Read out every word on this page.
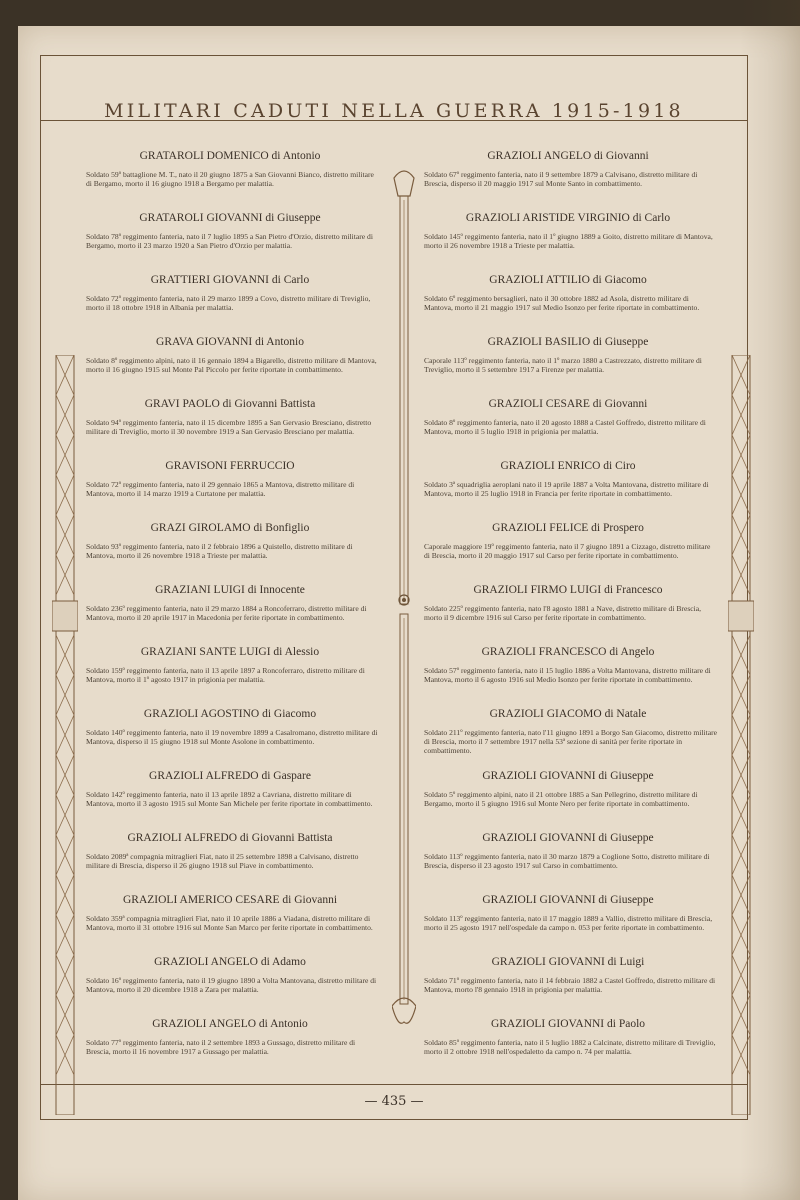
MILITARI CADUTI NELLA GUERRA 1915-1918
— 435 —
GRATAROLI DOMENICO di Antonio
Soldato 59º battaglione M. T., nato il 20 giugno 1875 a San Giovanni Bianco, distretto militare di Bergamo, morto il 16 giugno 1918 a Bergamo per malattia.
GRATAROLI GIOVANNI di Giuseppe
Soldato 78º reggimento fanteria, nato il 7 luglio 1895 a San Pietro d'Orzio, distretto militare di Bergamo, morto il 23 marzo 1920 a San Pietro d'Orzio per malattia.
GRATTIERI GIOVANNI di Carlo
Soldato 72º reggimento fanteria, nato il 29 marzo 1899 a Covo, distretto militare di Treviglio, morto il 18 ottobre 1918 in Albania per malattia.
GRAVA GIOVANNI di Antonio
Soldato 8º reggimento alpini, nato il 16 gennaio 1894 a Bigarello, distretto militare di Mantova, morto il 16 giugno 1915 sul Monte Pal Piccolo per ferite riportate in combattimento.
GRAVI PAOLO di Giovanni Battista
Soldato 94º reggimento fanteria, nato il 15 dicembre 1895 a San Gervasio Bresciano, distretto militare di Treviglio, morto il 30 novembre 1919 a San Gervasio Bresciano per malattia.
GRAVISONI FERRUCCIO
Soldato 72º reggimento fanteria, nato il 29 gennaio 1865 a Mantova, distretto militare di Mantova, morto il 14 marzo 1919 a Curtatone per malattia.
GRAZI GIROLAMO di Bonfiglio
Soldato 93º reggimento fanteria, nato il 2 febbraio 1896 a Quistello, distretto militare di Mantova, morto il 26 novembre 1918 a Trieste per malattia.
GRAZIANI LUIGI di Innocente
Soldato 236º reggimento fanteria, nato il 29 marzo 1884 a Roncoferraro, distretto militare di Mantova, morto il 20 aprile 1917 in Macedonia per ferite riportate in combattimento.
GRAZIANI SANTE LUIGI di Alessio
Soldato 159º reggimento fanteria, nato il 13 aprile 1897 a Roncoferraro, distretto militare di Mantova, morto il 1º agosto 1917 in prigionia per malattia.
GRAZIOLI AGOSTINO di Giacomo
Soldato 140º reggimento fanteria, nato il 19 novembre 1899 a Casalromano, distretto militare di Mantova, disperso il 15 giugno 1918 sul Monte Asolone in combattimento.
GRAZIOLI ALFREDO di Gaspare
Soldato 142º reggimento fanteria, nato il 13 aprile 1892 a Cavriana, distretto militare di Mantova, morto il 3 agosto 1915 sul Monte San Michele per ferite riportate in combattimento.
GRAZIOLI ALFREDO di Giovanni Battista
Soldato 2089ª compagnia mitraglieri Fiat, nato il 25 settembre 1898 a Calvisano, distretto militare di Brescia, disperso il 26 giugno 1918 sul Piave in combattimento.
GRAZIOLI AMERICO CESARE di Giovanni
Soldato 359ª compagnia mitraglieri Fiat, nato il 10 aprile 1886 a Viadana, distretto militare di Mantova, morto il 31 ottobre 1916 sul Monte San Marco per ferite riportate in combattimento.
GRAZIOLI ANGELO di Adamo
Soldato 16º reggimento fanteria, nato il 19 giugno 1890 a Volta Mantovana, distretto militare di Mantova, morto il 20 dicembre 1918 a Zara per malattia.
GRAZIOLI ANGELO di Antonio
Soldato 77º reggimento fanteria, nato il 2 settembre 1893 a Gussago, distretto militare di Brescia, morto il 16 novembre 1917 a Gussago per malattia.
GRAZIOLI ANGELO di Giovanni
Soldato 67º reggimento fanteria, nato il 9 settembre 1879 a Calvisano, distretto militare di Brescia, disperso il 20 maggio 1917 sul Monte Santo in combattimento.
GRAZIOLI ARISTIDE VIRGINIO di Carlo
Soldato 145º reggimento fanteria, nato il 1º giugno 1889 a Goito, distretto militare di Mantova, morto il 26 novembre 1918 a Trieste per malattia.
GRAZIOLI ATTILIO di Giacomo
Soldato 6º reggimento bersaglieri, nato il 30 ottobre 1882 ad Asola, distretto militare di Mantova, morto il 21 maggio 1917 sul Medio Isonzo per ferite riportate in combattimento.
GRAZIOLI BASILIO di Giuseppe
Caporale 113º reggimento fanteria, nato il 1º marzo 1880 a Castrezzato, distretto militare di Treviglio, morto il 5 settembre 1917 a Firenze per malattia.
GRAZIOLI CESARE di Giovanni
Soldato 8º reggimento fanteria, nato il 20 agosto 1888 a Castel Goffredo, distretto militare di Mantova, morto il 5 luglio 1918 in prigionia per malattia.
GRAZIOLI ENRICO di Ciro
Soldato 3ª squadriglia aeroplani nato il 19 aprile 1887 a Volta Mantovana, distretto militare di Mantova, morto il 25 luglio 1918 in Francia per ferite riportate in combattimento.
GRAZIOLI FELICE di Prospero
Caporale maggiore 19º reggimento fanteria, nato il 7 giugno 1891 a Cizzago, distretto militare di Brescia, morto il 20 maggio 1917 sul Carso per ferite riportate in combattimento.
GRAZIOLI FIRMO LUIGI di Francesco
Soldato 225º reggimento fanteria, nato l'8 agosto 1881 a Nave, distretto militare di Brescia, morto il 9 dicembre 1916 sul Carso per ferite riportate in combattimento.
GRAZIOLI FRANCESCO di Angelo
Soldato 57º reggimento fanteria, nato il 15 luglio 1886 a Volta Mantovana, distretto militare di Mantova, morto il 6 agosto 1916 sul Medio Isonzo per ferite riportate in combattimento.
GRAZIOLI GIACOMO di Natale
Soldato 211º reggimento fanteria, nato l'11 giugno 1891 a Borgo San Giacomo, distretto militare di Brescia, morto il 7 settembre 1917 nella 53ª sezione di sanità per ferite riportate in combattimento.
GRAZIOLI GIOVANNI di Giuseppe
Soldato 5º reggimento alpini, nato il 21 ottobre 1885 a San Pellegrino, distretto militare di Bergamo, morto il 5 giugno 1916 sul Monte Nero per ferite riportate in combattimento.
GRAZIOLI GIOVANNI di Giuseppe
Soldato 113º reggimento fanteria, nato il 30 marzo 1879 a Coglione Sotto, distretto militare di Brescia, disperso il 23 agosto 1917 sul Carso in combattimento.
GRAZIOLI GIOVANNI di Giuseppe
Soldato 113º reggimento fanteria, nato il 17 maggio 1889 a Vallio, distretto militare di Brescia, morto il 25 agosto 1917 nell'ospedale da campo n. 053 per ferite riportate in combattimento.
GRAZIOLI GIOVANNI di Luigi
Soldato 71º reggimento fanteria, nato il 14 febbraio 1882 a Castel Goffredo, distretto militare di Mantova, morto l'8 gennaio 1918 in prigionia per malattia.
GRAZIOLI GIOVANNI di Paolo
Soldato 85º reggimento fanteria, nato il 5 luglio 1882 a Calcinate, distretto militare di Treviglio, morto il 2 ottobre 1918 nell'ospedaletto da campo n. 74 per malattia.
